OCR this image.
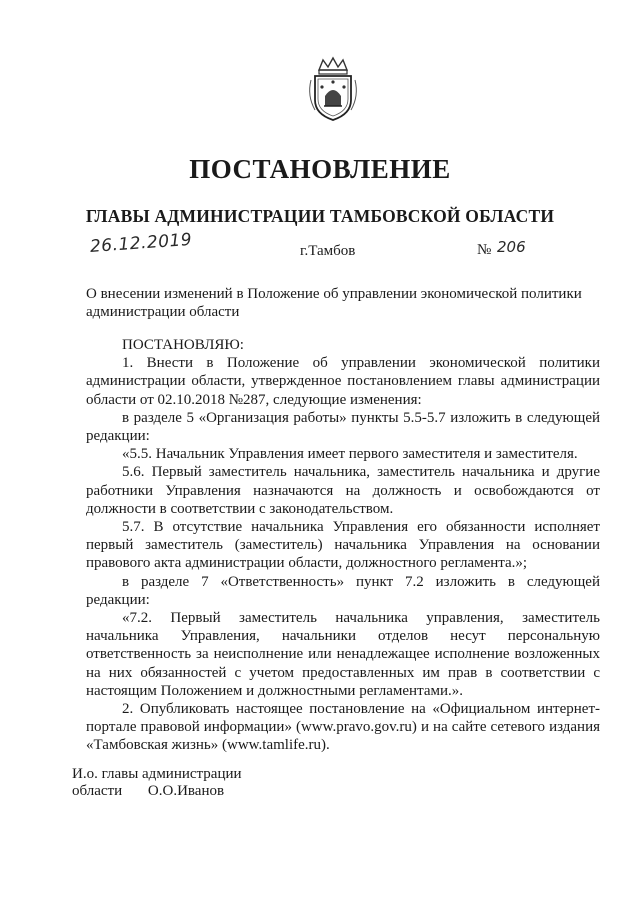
ПОСТАНОВЛЕНИЕ
ГЛАВЫ АДМИНИСТРАЦИИ ТАМБОВСКОЙ ОБЛАСТИ
26.12.2019	г.Тамбов	№ 206
О внесении изменений в Положение об управлении экономической политики администрации области

ПОСТАНОВЛЯЮ:

1. Внести в Положение об управлении экономической политики администрации области, утвержденное постановлением главы администрации области от 02.10.2018 №287, следующие изменения:

в разделе 5 «Организация работы» пункты 5.5-5.7 изложить в следующей редакции:

«5.5. Начальник Управления имеет первого заместителя и заместителя.

5.6. Первый заместитель начальника, заместитель начальника и другие работники Управления назначаются на должность и освобождаются от должности в соответствии с законодательством.

5.7. В отсутствие начальника Управления его обязанности исполняет первый заместитель (заместитель) начальника Управления на основании правового акта администрации области, должностного регламента.»;

в разделе 7 «Ответственность» пункт 7.2 изложить в следующей редакции:

«7.2. Первый заместитель начальника управления, заместитель начальника Управления, начальники отделов несут персональную ответственность за неисполнение или ненадлежащее исполнение возложенных на них обязанностей с учетом предоставленных им прав в соответствии с настоящим Положением и должностными регламентами.».

2. Опубликовать настоящее постановление на «Официальном интернет-портале правовой информации» (www.pravo.gov.ru) и на сайте сетевого издания «Тамбовская жизнь» (www.tamlife.ru).

И.о. главы администрации
области О.О.Иванов
